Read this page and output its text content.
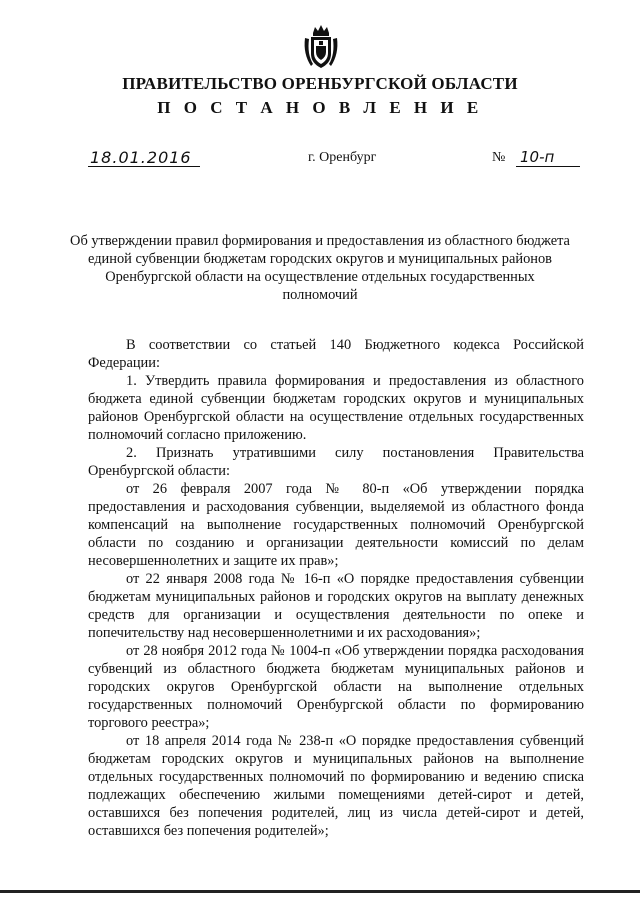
ПРАВИТЕЛЬСТВО ОРЕНБУРГСКОЙ ОБЛАСТИ
П О С Т А Н О В Л Е Н И Е
18.01.2016	г. Оренбург	№ 10-п
Об утверждении правил формирования и предоставления из областного бюджета единой субвенции бюджетам городских округов и муниципальных районов Оренбургской области на осуществление отдельных государственных полномочий

В соответствии со статьей 140 Бюджетного кодекса Российской Федерации:

1. Утвердить правила формирования и предоставления из областного бюджета единой субвенции бюджетам городских округов и муниципальных районов Оренбургской области на осуществление отдельных государственных полномочий согласно приложению.

2. Признать утратившими силу постановления Правительства Оренбургской области:

от 26 февраля 2007 года № 80-п «Об утверждении порядка предоставления и расходования субвенции, выделяемой из областного фонда компенсаций на выполнение государственных полномочий Оренбургской области по созданию и организации деятельности комиссий по делам несовершеннолетних и защите их прав»;

от 22 января 2008 года № 16-п «О порядке предоставления субвенции бюджетам муниципальных районов и городских округов на выплату денежных средств для организации и осуществления деятельности по опеке и попечительству над несовершеннолетними и их расходования»;

от 28 ноября 2012 года № 1004-п «Об утверждении порядка расходования субвенций из областного бюджета бюджетам муниципальных районов и городских округов Оренбургской области на выполнение отдельных государственных полномочий Оренбургской области по формированию торгового реестра»;

от 18 апреля 2014 года № 238-п «О порядке предоставления субвенций бюджетам городских округов и муниципальных районов на выполнение отдельных государственных полномочий по формированию и ведению списка подлежащих обеспечению жилыми помещениями детей-сирот и детей, оставшихся без попечения родителей, лиц из числа детей-сирот и детей, оставшихся без попечения родителей»;
